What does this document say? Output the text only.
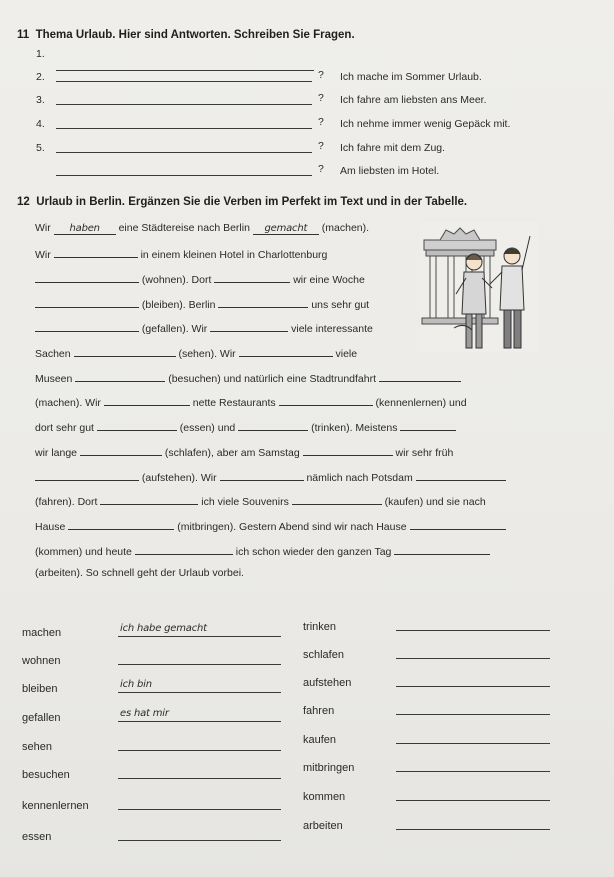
11 Thema Urlaub. Hier sind Antworten. Schreiben Sie Fragen.
1.
2.	? Ich mache im Sommer Urlaub.
3.	? Ich fahre am liebsten ans Meer.
4.	? Ich nehme immer wenig Gepäck mit.
5.	? Ich fahre mit dem Zug.
? Am liebsten im Hotel.
12 Urlaub in Berlin. Ergänzen Sie die Verben im Perfekt im Text und in der Tabelle.
Wir haben eine Städtereise nach Berlin gemacht (machen).
Wir	in einem kleinen Hotel in Charlottenburg
(wohnen). Dort	wir eine Woche
(bleiben). Berlin	uns sehr gut
(gefallen). Wir	viele interessante
Sachen	(sehen). Wir	viele
Museen	(besuchen) und natürlich eine Stadtrundfahrt
(machen). Wir	nette Restaurants	(kennenlernen) und
dort sehr gut	(essen) und	(trinken). Meistens
wir lange	(schlafen), aber am Samstag	wir sehr früh
(aufstehen). Wir	nämlich nach Potsdam
(fahren). Dort	ich viele Souvenirs	(kaufen) und sie nach
Hause	(mitbringen). Gestern Abend sind wir nach Hause
(kommen) und heute	ich schon wieder den ganzen Tag
(arbeiten). So schnell geht der Urlaub vorbei.
machen	ich habe gemacht
wohnen
bleiben	ich bin
gefallen	es hat mir
sehen
besuchen
kennenlernen
essen
trinken
schlafen
aufstehen
fahren
kaufen
mitbringen
kommen
arbeiten
